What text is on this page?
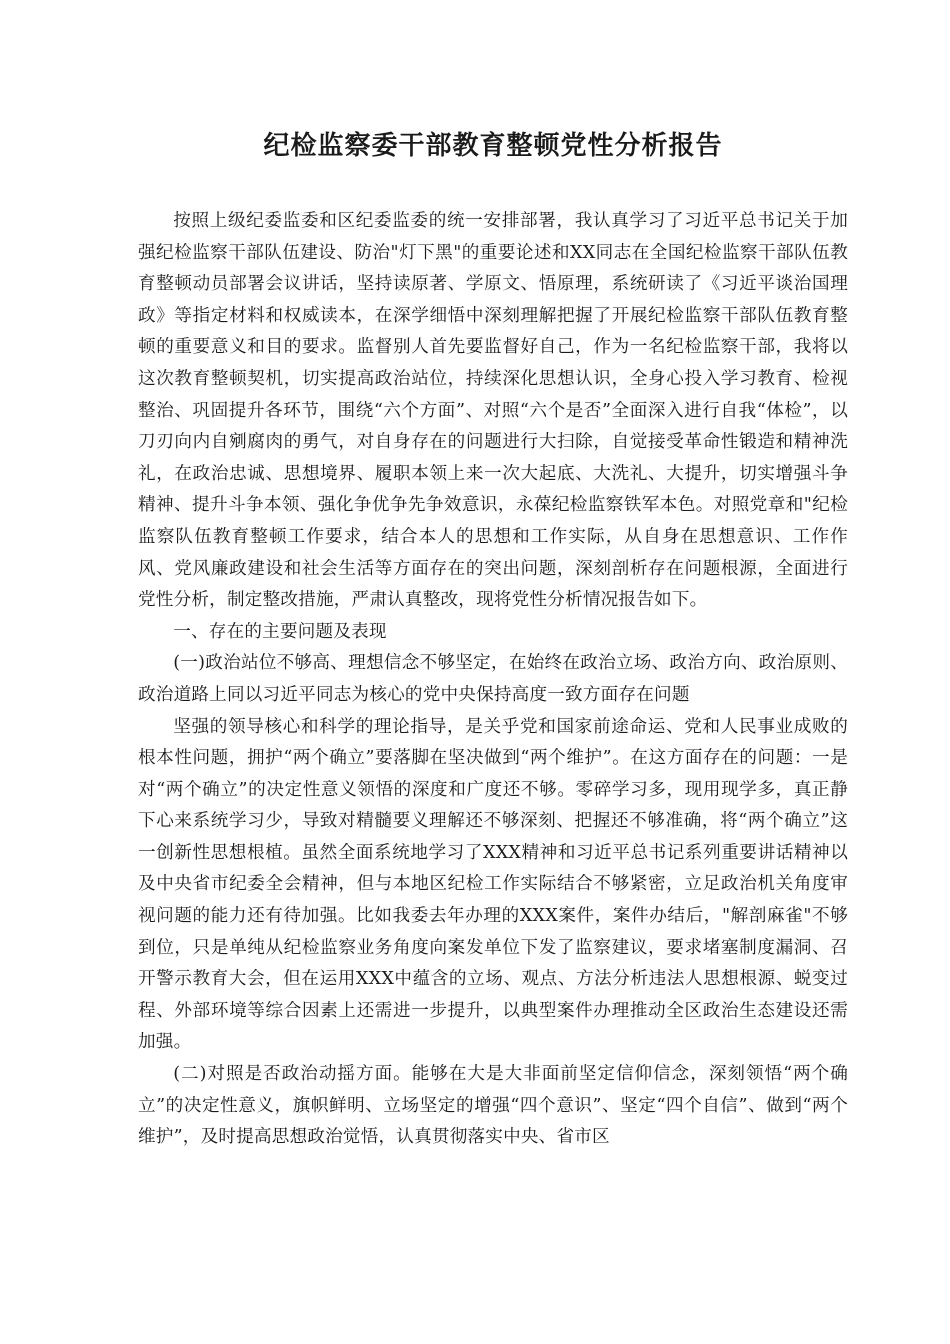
纪检监察委干部教育整顿党性分析报告

按照上级纪委监委和区纪委监委的统一安排部署，我认真学习了习近平总书记关于加强纪检监察干部队伍建设、防治"灯下黑"的重要论述和XX同志在全国纪检监察干部队伍教育整顿动员部署会议讲话，坚持读原著、学原文、悟原理，系统研读了《习近平谈治国理政》等指定材料和权威读本，在深学细悟中深刻理解把握了开展纪检监察干部队伍教育整顿的重要意义和目的要求。监督别人首先要监督好自己，作为一名纪检监察干部，我将以这次教育整顿契机，切实提高政治站位，持续深化思想认识，全身心投入学习教育、检视整治、巩固提升各环节，围绕“六个方面”、对照“六个是否”全面深入进行自我“体检”，以刀刃向内自剜腐肉的勇气，对自身存在的问题进行大扫除，自觉接受革命性锻造和精神洗礼，在政治忠诚、思想境界、履职本领上来一次大起底、大洗礼、大提升，切实增强斗争精神、提升斗争本领、强化争优争先争效意识，永葆纪检监察铁军本色。对照党章和"纪检监察队伍教育整顿工作要求，结合本人的思想和工作实际，从自身在思想意识、工作作风、党风廉政建设和社会生活等方面存在的突出问题，深刻剖析存在问题根源，全面进行党性分析，制定整改措施，严肃认真整改，现将党性分析情况报告如下。

一、存在的主要问题及表现

(一)政治站位不够高、理想信念不够坚定，在始终在政治立场、政治方向、政治原则、政治道路上同以习近平同志为核心的党中央保持高度一致方面存在问题

坚强的领导核心和科学的理论指导，是关乎党和国家前途命运、党和人民事业成败的根本性问题，拥护“两个确立”要落脚在坚决做到“两个维护”。在这方面存在的问题：一是对“两个确立”的决定性意义领悟的深度和广度还不够。零碎学习多，现用现学多，真正静下心来系统学习少，导致对精髓要义理解还不够深刻、把握还不够准确，将“两个确立”这一创新性思想根植。虽然全面系统地学习了XXX精神和习近平总书记系列重要讲话精神以及中央省市纪委全会精神，但与本地区纪检工作实际结合不够紧密，立足政治机关角度审视问题的能力还有待加强。比如我委去年办理的XXX案件，案件办结后，"解剖麻雀"不够到位，只是单纯从纪检监察业务角度向案发单位下发了监察建议，要求堵塞制度漏洞、召开警示教育大会，但在运用XXX中蕴含的立场、观点、方法分析违法人思想根源、蜕变过程、外部环境等综合因素上还需进一步提升，以典型案件办理推动全区政治生态建设还需加强。

(二)对照是否政治动摇方面。能够在大是大非面前坚定信仰信念，深刻领悟“两个确立”的决定性意义，旗帜鲜明、立场坚定的增强“四个意识”、坚定“四个自信”、做到“两个维护”，及时提高思想政治觉悟，认真贯彻落实中央、省市区
